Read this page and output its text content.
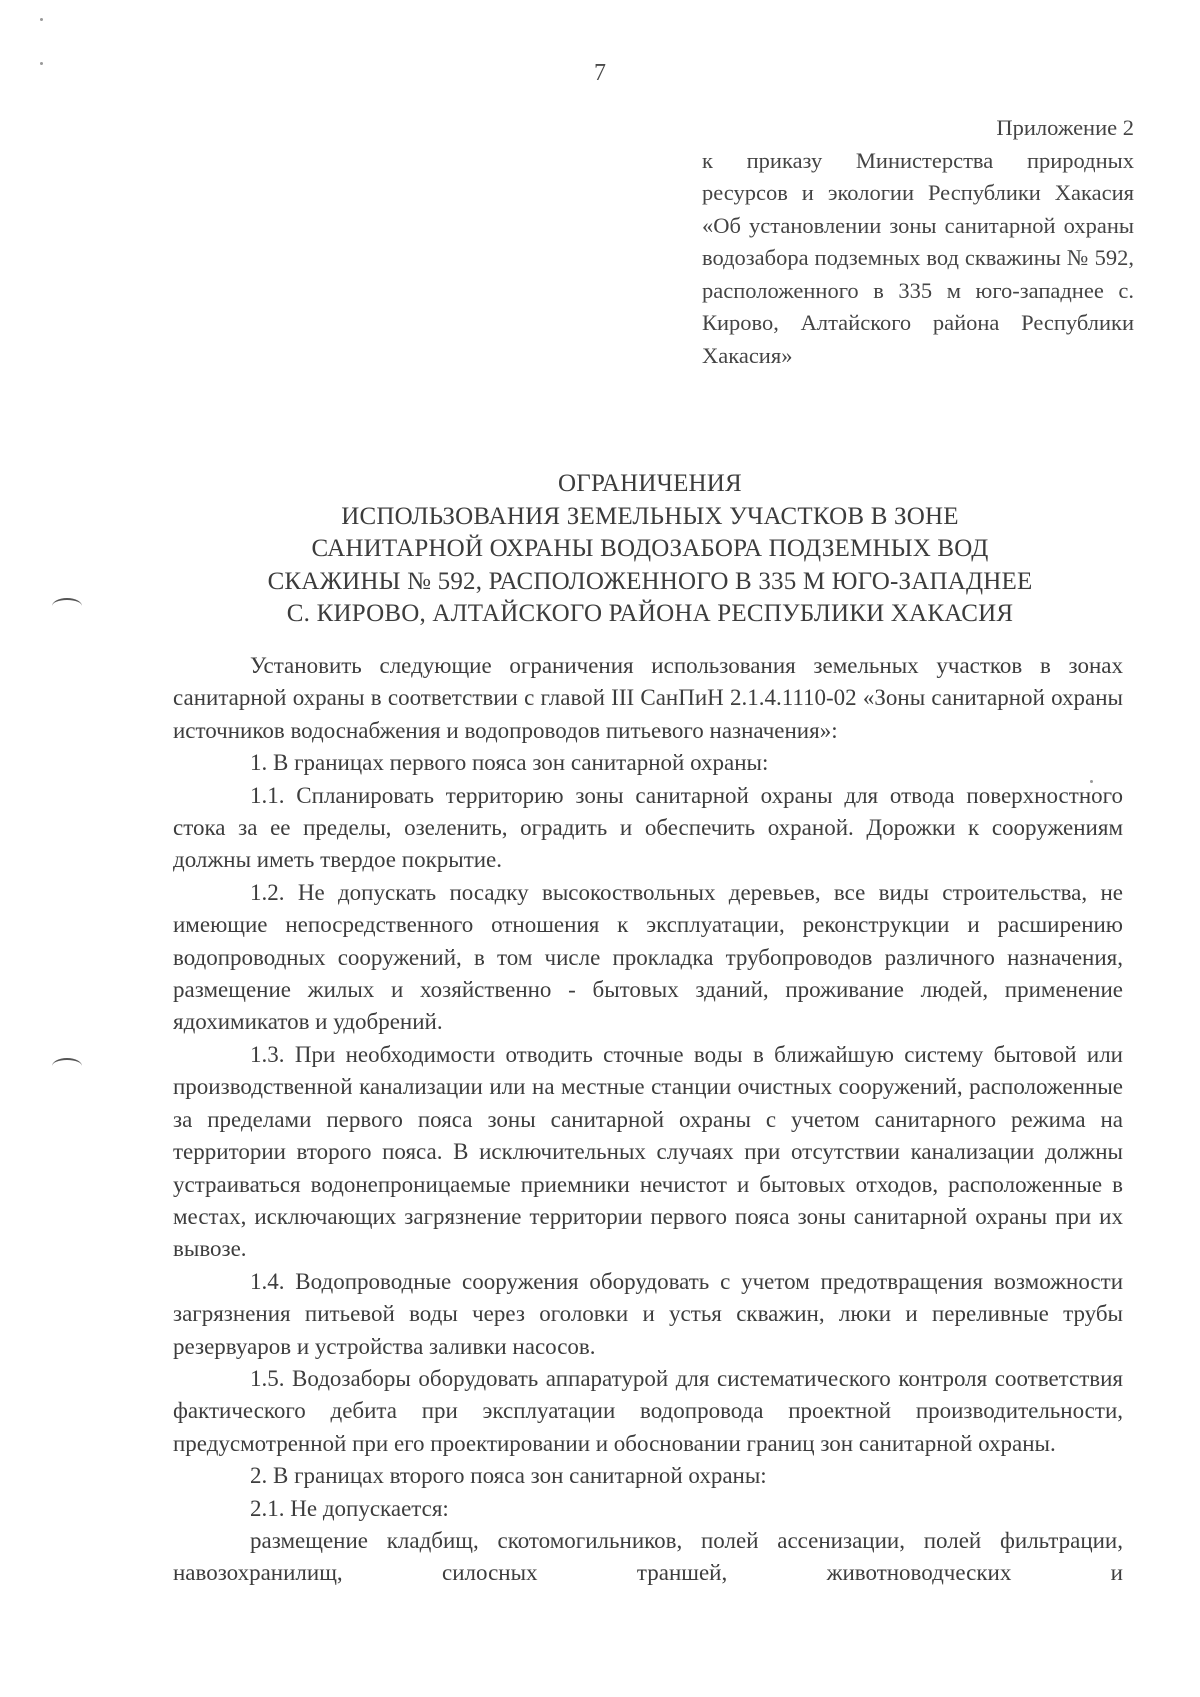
7
Приложение 2
к приказу Министерства природных ресурсов и экологии Республики Хакасия «Об установлении зоны санитарной охраны водозабора подземных вод скважины № 592, расположенного в 335 м юго-западнее с. Кирово, Алтайского района Республики Хакасия»
ОГРАНИЧЕНИЯ
ИСПОЛЬЗОВАНИЯ ЗЕМЕЛЬНЫХ УЧАСТКОВ В ЗОНЕ
САНИТАРНОЙ ОХРАНЫ ВОДОЗАБОРА ПОДЗЕМНЫХ ВОД
СКАЖИНЫ № 592, РАСПОЛОЖЕННОГО В 335 М ЮГО-ЗАПАДНЕЕ
С. КИРОВО, АЛТАЙСКОГО РАЙОНА РЕСПУБЛИКИ ХАКАСИЯ

Установить следующие ограничения использования земельных участков в зонах санитарной охраны в соответствии с главой III СанПиН 2.1.4.1110-02 «Зоны санитарной охраны источников водоснабжения и водопроводов питьевого назначения»:

1. В границах первого пояса зон санитарной охраны:

1.1. Спланировать территорию зоны санитарной охраны для отвода поверхностного стока за ее пределы, озеленить, оградить и обеспечить охраной. Дорожки к сооружениям должны иметь твердое покрытие.

1.2. Не допускать посадку высокоствольных деревьев, все виды строительства, не имеющие непосредственного отношения к эксплуатации, реконструкции и расширению водопроводных сооружений, в том числе прокладка трубопроводов различного назначения, размещение жилых и хозяйственно - бытовых зданий, проживание людей, применение ядохимикатов и удобрений.

1.3. При необходимости отводить сточные воды в ближайшую систему бытовой или производственной канализации или на местные станции очистных сооружений, расположенные за пределами первого пояса зоны санитарной охраны с учетом санитарного режима на территории второго пояса. В исключительных случаях при отсутствии канализации должны устраиваться водонепроницаемые приемники нечистот и бытовых отходов, расположенные в местах, исключающих загрязнение территории первого пояса зоны санитарной охраны при их вывозе.

1.4. Водопроводные сооружения оборудовать с учетом предотвращения возможности загрязнения питьевой воды через оголовки и устья скважин, люки и переливные трубы резервуаров и устройства заливки насосов.

1.5. Водозаборы оборудовать аппаратурой для систематического контроля соответствия фактического дебита при эксплуатации водопровода проектной производительности, предусмотренной при его проектировании и обосновании границ зон санитарной охраны.

2. В границах второго пояса зон санитарной охраны:

2.1. Не допускается:

размещение кладбищ, скотомогильников, полей ассенизации, полей фильтрации, навозохранилищ, силосных траншей, животноводческих и
